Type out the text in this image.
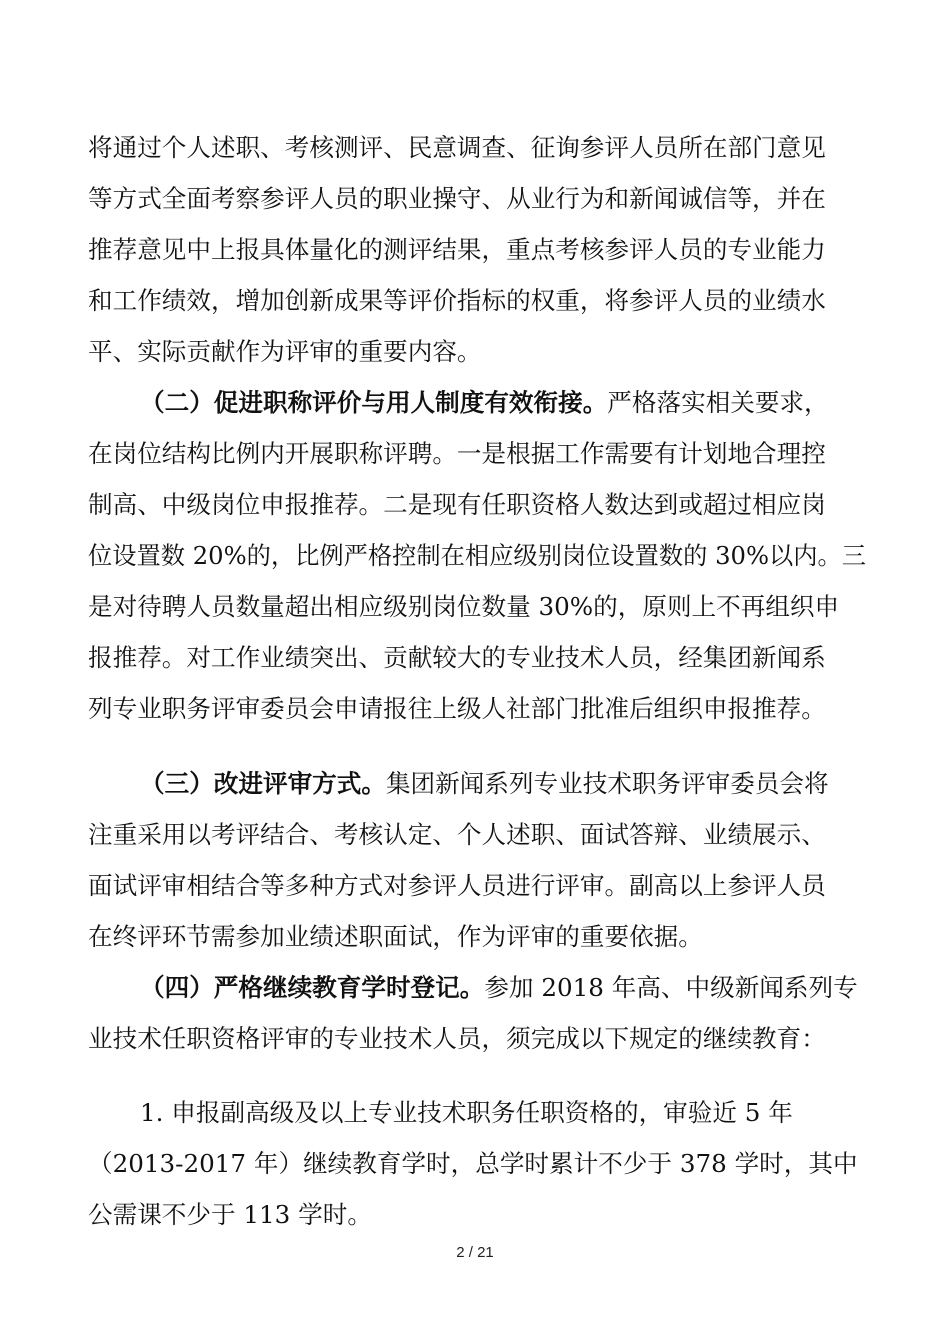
将通过个人述职、考核测评、民意调查、征询参评人员所在部门意见
等方式全面考察参评人员的职业操守、从业行为和新闻诚信等，并在
推荐意见中上报具体量化的测评结果，重点考核参评人员的专业能力
和工作绩效，增加创新成果等评价指标的权重，将参评人员的业绩水
平、实际贡献作为评审的重要内容。
（二）促进职称评价与用人制度有效衔接。严格落实相关要求，
在岗位结构比例内开展职称评聘。一是根据工作需要有计划地合理控
制高、中级岗位申报推荐。二是现有任职资格人数达到或超过相应岗
位设置数 20%的，比例严格控制在相应级别岗位设置数的 30%以内。三
是对待聘人员数量超出相应级别岗位数量 30%的，原则上不再组织申
报推荐。对工作业绩突出、贡献较大的专业技术人员，经集团新闻系
列专业职务评审委员会申请报往上级人社部门批准后组织申报推荐。
（三）改进评审方式。集团新闻系列专业技术职务评审委员会将
注重采用以考评结合、考核认定、个人述职、面试答辩、业绩展示、
面试评审相结合等多种方式对参评人员进行评审。副高以上参评人员
在终评环节需参加业绩述职面试，作为评审的重要依据。
（四）严格继续教育学时登记。参加 2018 年高、中级新闻系列专
业技术任职资格评审的专业技术人员，须完成以下规定的继续教育：
1. 申报副高级及以上专业技术职务任职资格的，审验近 5 年
（2013-2017 年）继续教育学时，总学时累计不少于 378 学时，其中
公需课不少于 113 学时。
2 / 21
